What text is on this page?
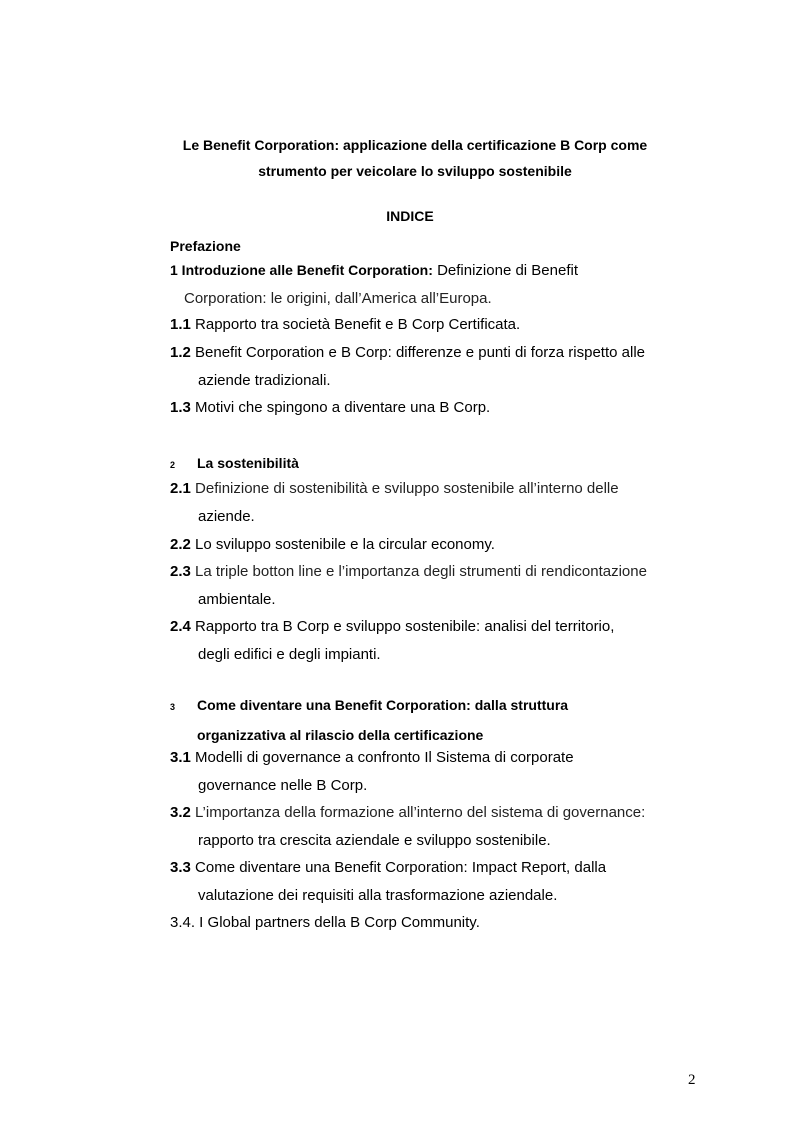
Le Benefit Corporation: applicazione della certificazione B Corp come
strumento per veicolare lo sviluppo sostenibile
INDICE
Prefazione
1 Introduzione alle Benefit Corporation: Definizione di Benefit
Corporation: le origini, dall’America all’Europa.
1.1 Rapporto tra società Benefit e B Corp Certificata.
1.2 Benefit Corporation e B Corp: differenze e punti di forza rispetto alle
aziende tradizionali.
1.3 Motivi che spingono a diventare una B Corp.
2 La sostenibilità
2.1 Definizione di sostenibilità e sviluppo sostenibile all’interno delle
aziende.
2.2 Lo sviluppo sostenibile e la circular economy.
2.3 La triple botton line e l’importanza degli strumenti di rendicontazione
ambientale.
2.4 Rapporto tra B Corp e sviluppo sostenibile: analisi del territorio,
degli edifici e degli impianti.
3 Come diventare una Benefit Corporation: dalla struttura
organizzativa al rilascio della certificazione
3.1 Modelli di governance a confronto Il Sistema di corporate
governance nelle B Corp.
3.2 L’importanza della formazione all’interno del sistema di governance:
rapporto tra crescita aziendale e sviluppo sostenibile.
3.3 Come diventare una Benefit Corporation: Impact Report, dalla
valutazione dei requisiti alla trasformazione aziendale.
3.4. I Global partners della B Corp Community.
2
